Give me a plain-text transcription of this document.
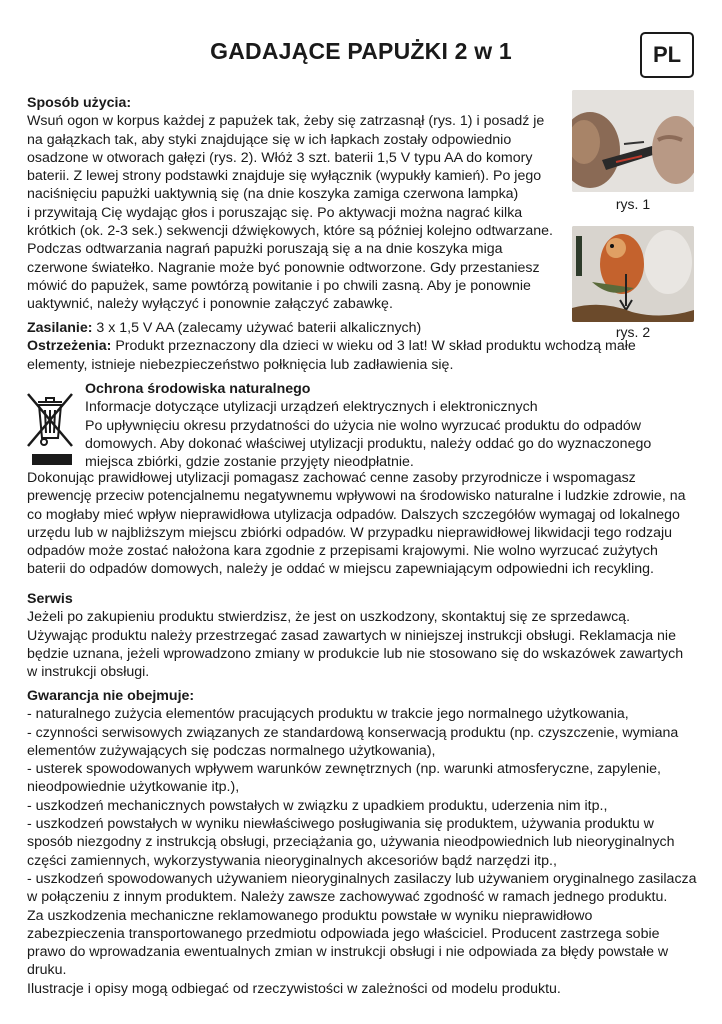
GADAJĄCE PAPUŻKI 2 w 1	PL

Sposób użycia:

Wsuń ogon w korpus każdej z papużek tak, żeby się zatrzasnął (rys. 1) i posadź je

na gałązkach tak, aby styki znajdujące się w ich łapkach zostały odpowiednio

osadzone w otworach gałęzi (rys. 2). Włóż 3 szt. baterii 1,5 V typu AA do komory

baterii. Z lewej strony podstawki znajduje się wyłącznik (wypukły kamień). Po jego

naciśnięciu papużki uaktywnią się (na dnie koszyka zamiga czerwona lampka)

i przywitają Cię wydając głos i poruszając się. Po aktywacji można nagrać kilka

krótkich (ok. 2-3 sek.) sekwencji dźwiękowych, które są później kolejno odtwarzane.

Podczas odtwarzania nagrań papużki poruszają się a na dnie koszyka miga

czerwone światełko. Nagranie może być ponownie odtworzone. Gdy przestaniesz

mówić do papużek, same powtórzą powitanie i po chwili zasną. Aby je ponownie

uaktywnić, należy wyłączyć i ponownie załączyć zabawkę.

rys. 1
rys. 2

Zasilanie: 3 x 1,5 V AA (zalecamy używać baterii alkalicznych)

Ostrzeżenia: Produkt przeznaczony dla dzieci w wieku od 3 lat! W skład produktu wchodzą małe

elementy, istnieje niebezpieczeństwo połknięcia lub zadławienia się.

Ochrona środowiska naturalnego

Informacje dotyczące utylizacji urządzeń elektrycznych i elektronicznych

Po upływnięciu okresu przydatności do użycia nie wolno wyrzucać produktu do odpadów

domowych. Aby dokonać właściwej utylizacji produktu, należy oddać go do wyznaczonego

miejsca zbiórki, gdzie zostanie przyjęty nieodpłatnie.

Dokonując prawidłowej utylizacji pomagasz zachować cenne zasoby przyrodnicze i wspomagasz

prewencję przeciw potencjalnemu negatywnemu wpływowi na środowisko naturalne i ludzkie zdrowie, na

co mogłaby mieć wpływ nieprawidłowa utylizacja odpadów. Dalszych szczegółów wymagaj od lokalnego

urzędu lub w najbliższym miejscu zbiórki odpadów. W przypadku nieprawidłowej likwidacji tego rodzaju

odpadów może zostać nałożona kara zgodnie z przepisami krajowymi. Nie wolno wyrzucać zużytych

baterii do odpadów domowych, należy je oddać w miejscu zapewniającym odpowiedni ich recykling.

Serwis

Jeżeli po zakupieniu produktu stwierdzisz, że jest on uszkodzony, skontaktuj się ze sprzedawcą.

Używając produktu należy przestrzegać zasad zawartych w niniejszej instrukcji obsługi. Reklamacja nie

będzie uznana, jeżeli wprowadzono zmiany w produkcie lub nie stosowano się do wskazówek zawartych

w instrukcji obsługi.

Gwarancja nie obejmuje:

- naturalnego zużycia elementów pracujących produktu w trakcie jego normalnego użytkowania,

- czynności serwisowych związanych ze standardową konserwacją produktu (np. czyszczenie, wymiana

elementów zużywających się podczas normalnego użytkowania),

- usterek spowodowanych wpływem warunków zewnętrznych (np. warunki atmosferyczne, zapylenie,

nieodpowiednie użytkowanie itp.),

- uszkodzeń mechanicznych powstałych w związku z upadkiem produktu, uderzenia nim itp.,

- uszkodzeń powstałych w wyniku niewłaściwego posługiwania się produktem, używania produktu w

sposób niezgodny z instrukcją obsługi, przeciążania go, używania nieodpowiednich lub nieoryginalnych

części zamiennych, wykorzystywania nieoryginalnych akcesoriów bądź narzędzi itp.,

- uszkodzeń spowodowanych używaniem nieoryginalnych zasilaczy lub używaniem oryginalnego zasilacza

w połączeniu z innym produktem. Należy zawsze zachowywać zgodność w ramach jednego produktu.

Za uszkodzenia mechaniczne reklamowanego produktu powstałe w wyniku nieprawidłowo

zabezpieczenia transportowanego przedmiotu odpowiada jego właściciel. Producent zastrzega sobie

prawo do wprowadzania ewentualnych zmian w instrukcji obsługi i nie odpowiada za błędy powstałe w

druku.

Ilustracje i opisy mogą odbiegać od rzeczywistości w zależności od modelu produktu.
